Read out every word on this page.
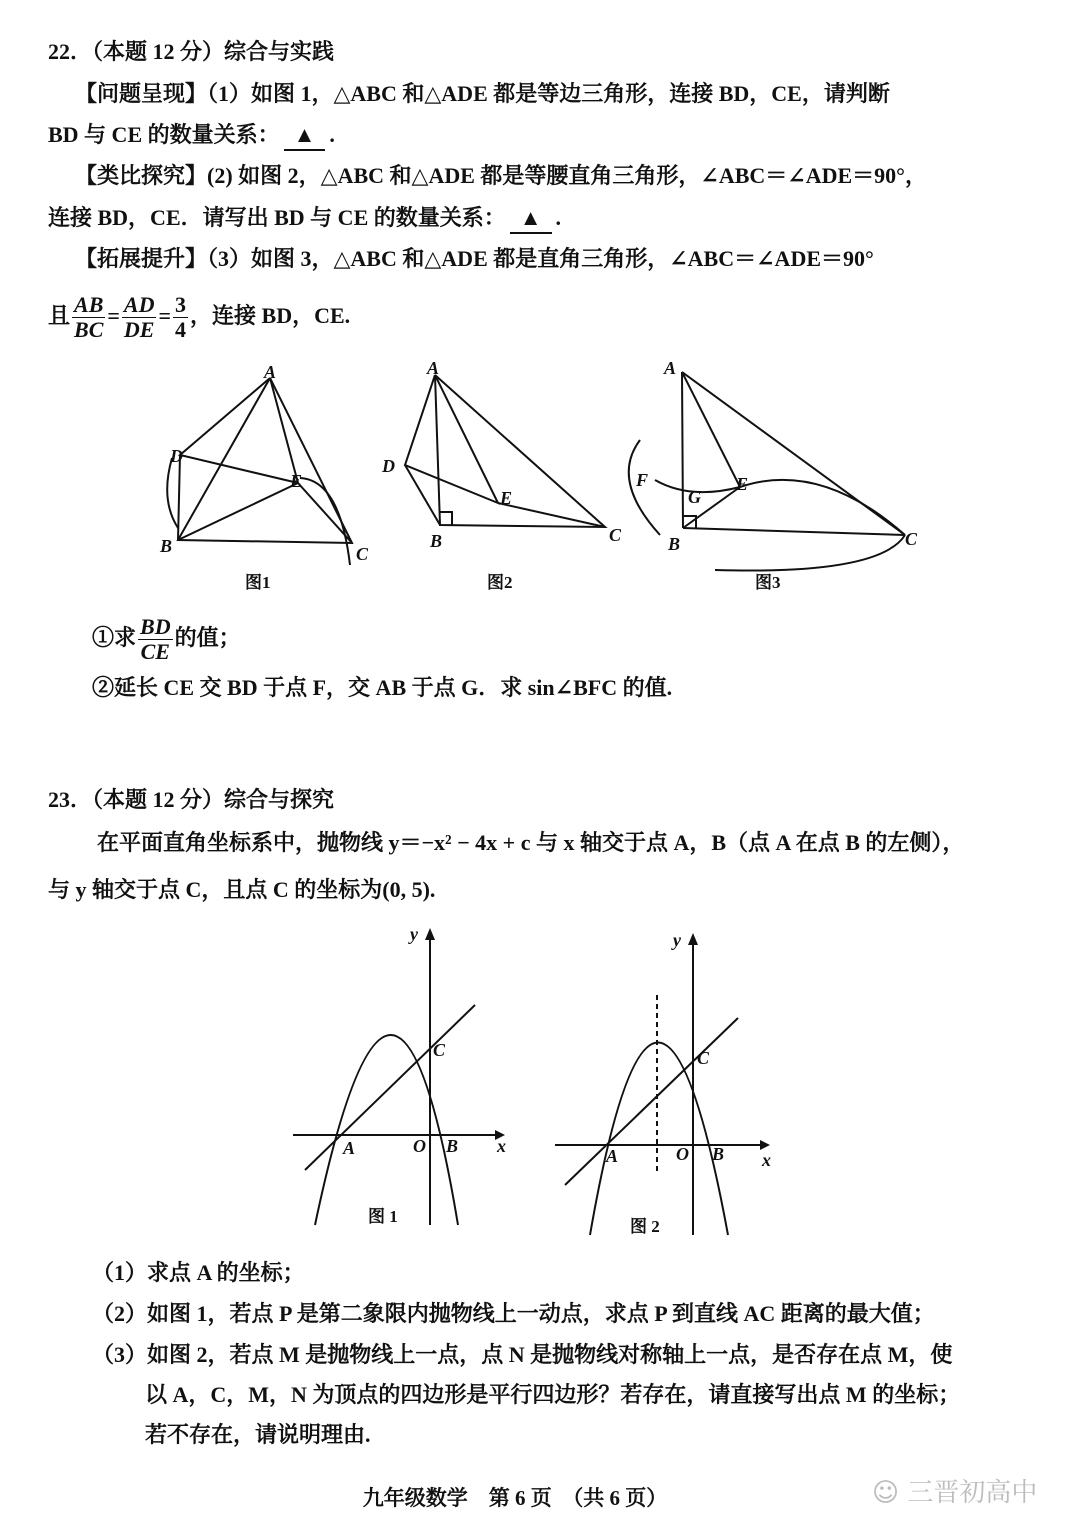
22．（本题 12 分）综合与实践
【问题呈现】（1）如图 1，△ABC 和△ADE 都是等边三角形，连接 BD，CE，请判断
BD 与 CE 的数量关系： ▲ .
【类比探究】(2) 如图 2，△ABC 和△ADE 都是等腰直角三角形，∠ABC＝∠ADE＝90°，
连接 BD，CE．请写出 BD 与 CE 的数量关系： ▲ .
【拓展提升】（3）如图 3，△ABC 和△ADE 都是直角三角形，∠ABC＝∠ADE＝90°
且 $\frac{AB}{BC} = \frac{AD}{DE} = \frac{3}{4}$ ，连接 BD，CE.
A
B	C
D
E
图1
A
B	C
D
E
图2
A
B	C
E
F
G
图3
y
x
A	O B
C
图 1
y
x
A	O B
C
图 2
①求 $\frac{BD}{CE}$ 的值；
②延长 CE 交 BD 于点 F，交 AB 于点 G．求 sin∠BFC 的值.
23．（本题 12 分）综合与探究
在平面直角坐标系中，抛物线 y＝−x² − 4x + c 与 x 轴交于点 A，B（点 A 在点 B 的左侧），
与 y 轴交于点 C，且点 C 的坐标为(0, 5).
（1）求点 A 的坐标；
（2）如图 1，若点 P 是第二象限内抛物线上一动点，求点 P 到直线 AC 距离的最大值；
（3）如图 2，若点 M 是抛物线上一点，点 N 是抛物线对称轴上一点，是否存在点 M，使
以 A，C，M，N 为顶点的四边形是平行四边形？若存在，请直接写出点 M 的坐标；
若不存在，请说明理由.
九年级数学　第 6 页　（共 6 页）	☺ 三晋初高中
